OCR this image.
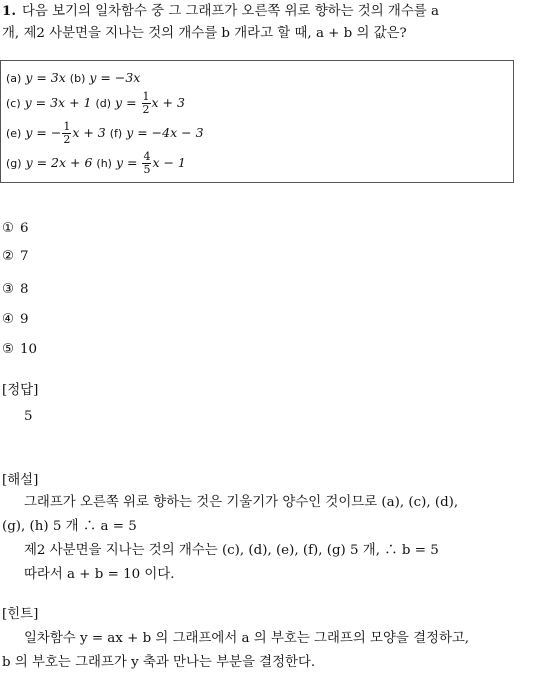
1. 다음 보기의 일차함수 중 그 그래프가 오른쪽 위로 향하는 것의 개수를 a
개, 제2 사분면을 지나는 것의 개수를 b 개라고 할 때, a + b 의 값은?
(a) y = 3x (b) y = −3x
(c) y = 3x + 1 (d) $y = \frac{1}{2}$ x + 3
(e) y = − $\frac{1}{2}$ x + 3 (f) y = −4x − 3
(g) y = 2x + 6 (h) $y = \frac{4}{5}$ x − 1
① 6
② 7
③ 8
④ 9
⑤ 10
[정답]
5
[해설]
그래프가 오른쪽 위로 향하는 것은 기울기가 양수인 것이므로 (a), (c), (d),
(g), (h) 5 개 ∴ a = 5
제2 사분면을 지나는 것의 개수는 (c), (d), (e), (f), (g) 5 개, ∴ b = 5
따라서 a + b = 10 이다.
[힌트]
일차함수 y = ax + b 의 그래프에서 a 의 부호는 그래프의 모양을 결정하고,
b 의 부호는 그래프가 y 축과 만나는 부분을 결정한다.
